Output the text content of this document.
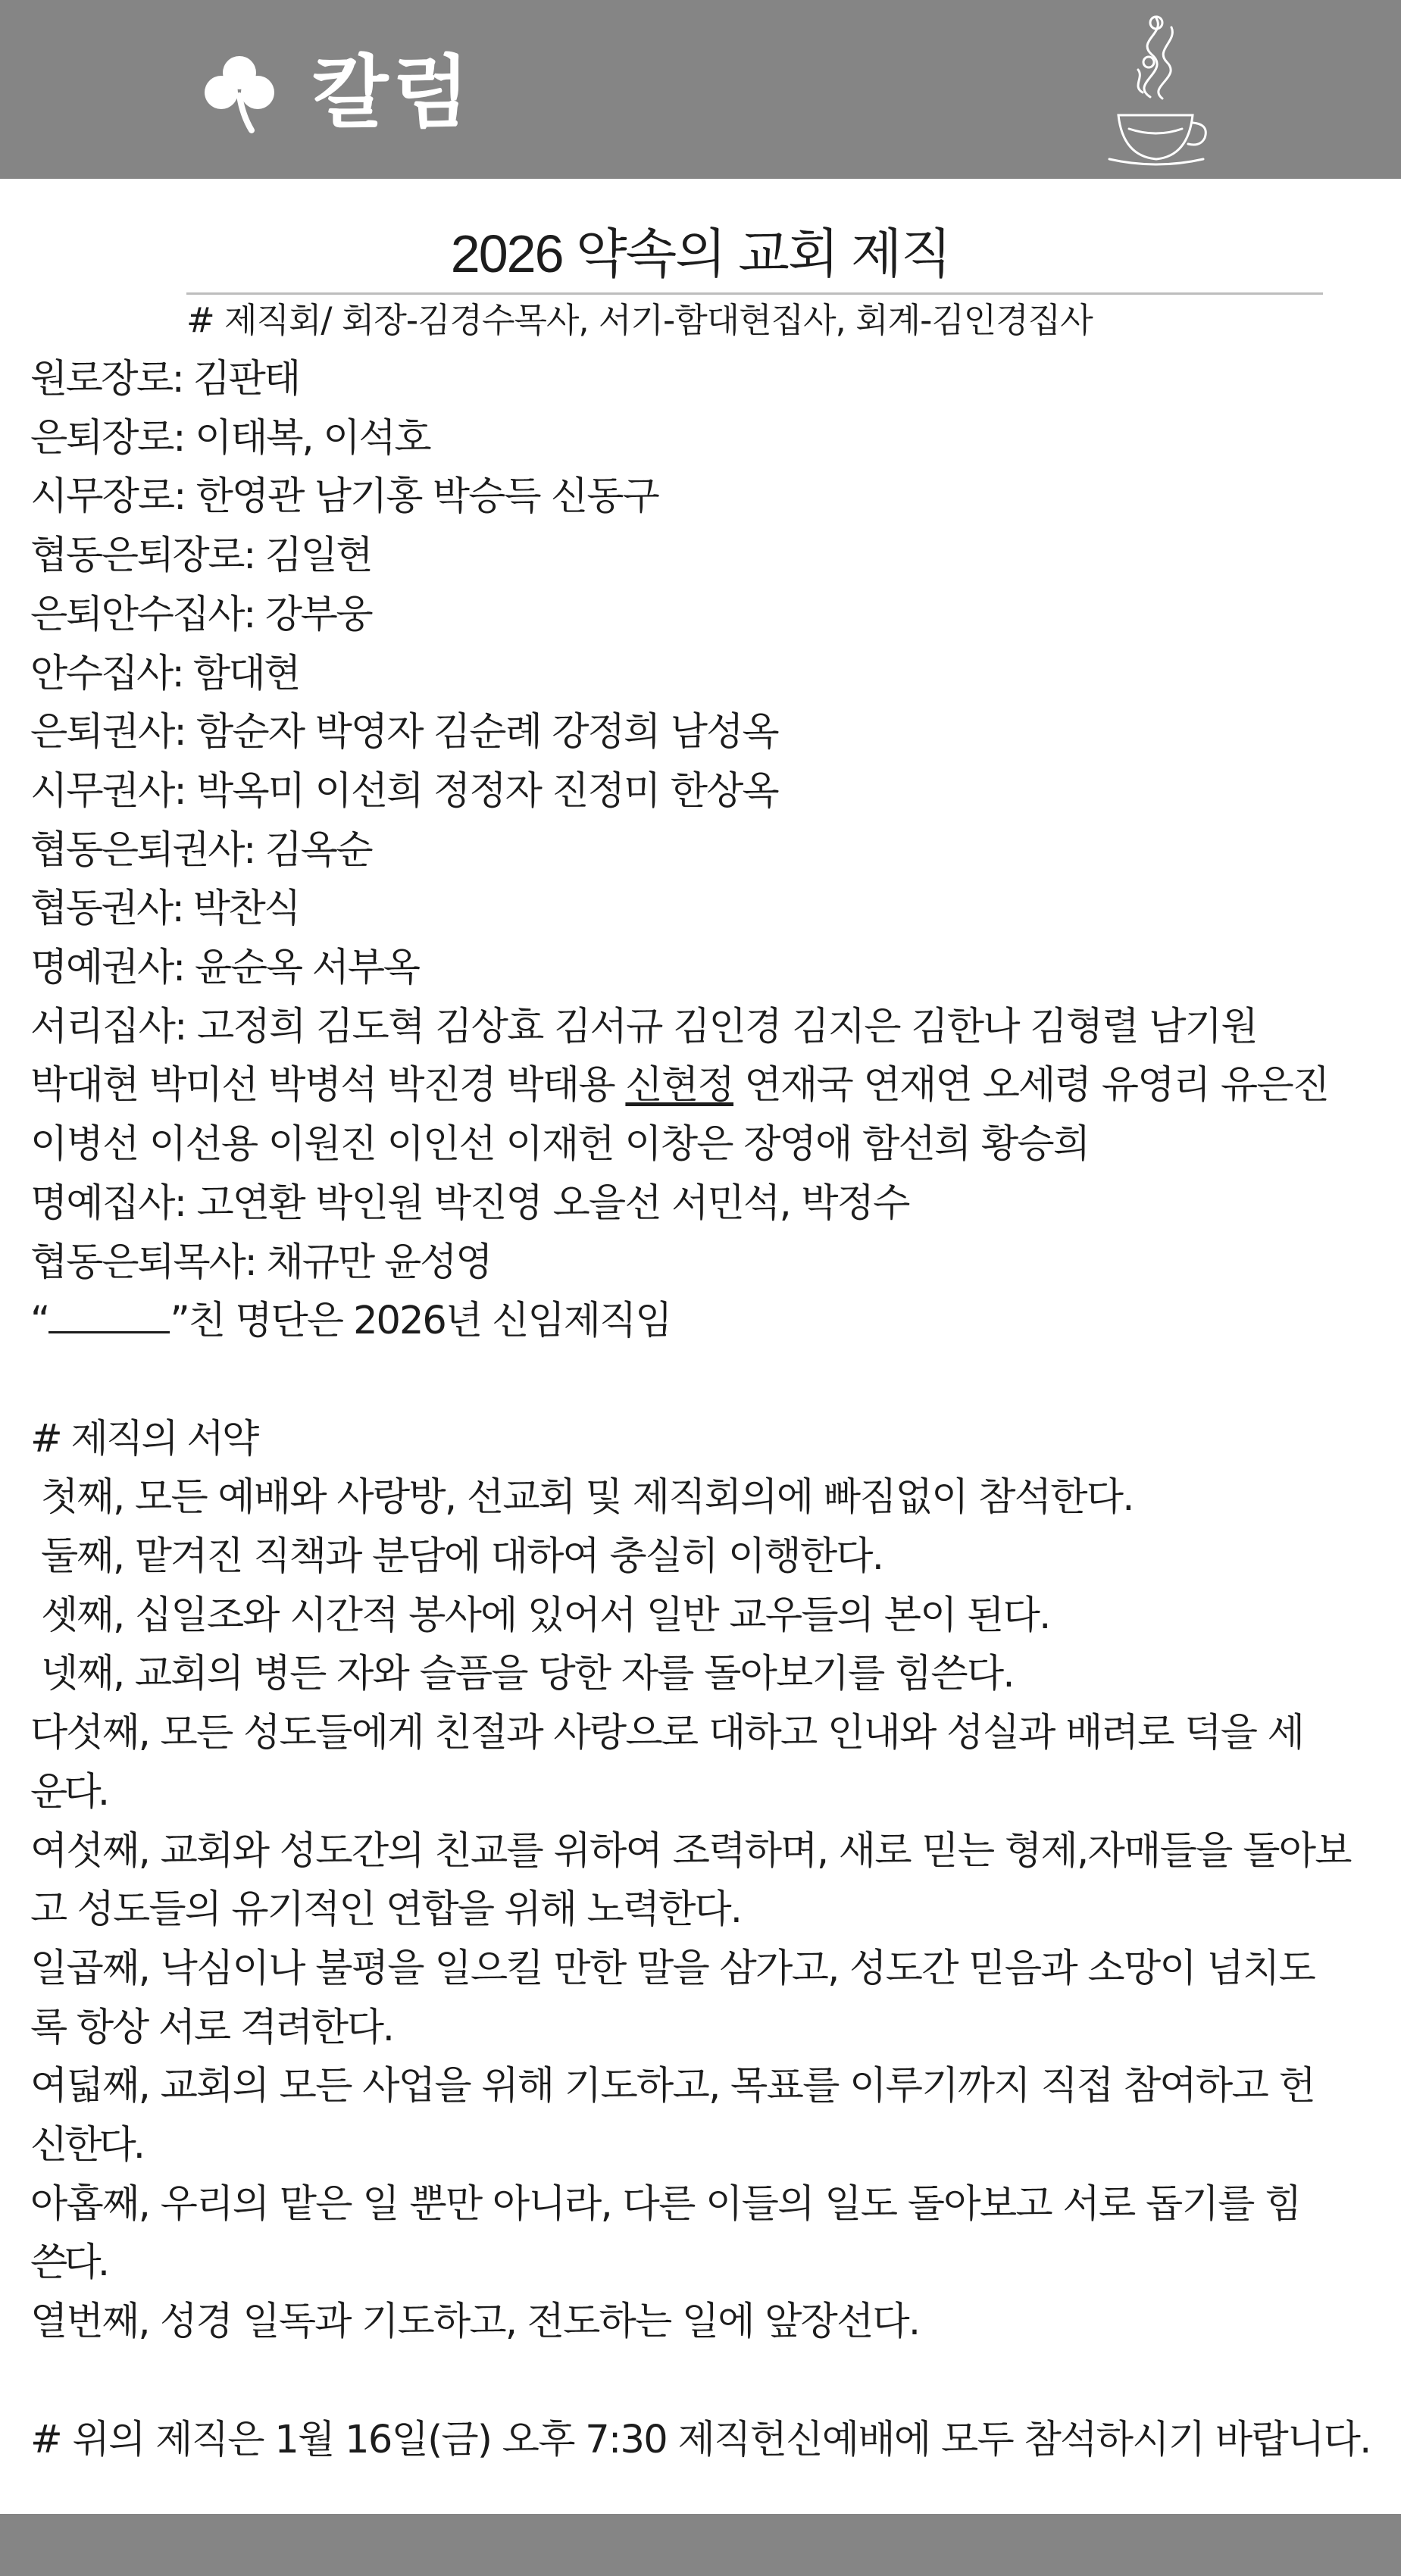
칼럼
2026 약속의 교회 제직
# 제직회/ 회장-김경수목사, 서기-함대현집사, 회계-김인경집사
원로장로: 김판태
은퇴장로: 이태복, 이석호
시무장로: 한영관 남기홍 박승득 신동구
협동은퇴장로: 김일현
은퇴안수집사: 강부웅
안수집사: 함대현
은퇴권사: 함순자 박영자 김순례 강정희 남성옥
시무권사: 박옥미 이선희 정정자 진정미 한상옥
협동은퇴권사: 김옥순
협동권사: 박찬식
명예권사: 윤순옥 서부옥
서리집사: 고정희 김도혁 김상효 김서규 김인경 김지은 김한나 김형렬 남기원
박대현 박미선 박병석 박진경 박태용 신현정 연재국 연재연 오세령 유영리 유은진
이병선 이선용 이원진 이인선 이재헌 이창은 장영애 함선희 황승희
명예집사: 고연환 박인원 박진영 오을선 서민석, 박정수
협동은퇴목사: 채규만 윤성영
“	”친 명단은 2026년 신임제직임
# 제직의 서약
첫째, 모든 예배와 사랑방, 선교회 및 제직회의에 빠짐없이 참석한다.
둘째, 맡겨진 직책과 분담에 대하여 충실히 이행한다.
셋째, 십일조와 시간적 봉사에 있어서 일반 교우들의 본이 된다.
넷째, 교회의 병든 자와 슬픔을 당한 자를 돌아보기를 힘쓴다.
다섯째, 모든 성도들에게 친절과 사랑으로 대하고 인내와 성실과 배려로 덕을 세
운다.
여섯째, 교회와 성도간의 친교를 위하여 조력하며, 새로 믿는 형제,자매들을 돌아보
고 성도들의 유기적인 연합을 위해 노력한다.
일곱째, 낙심이나 불평을 일으킬 만한 말을 삼가고, 성도간 믿음과 소망이 넘치도
록 항상 서로 격려한다.
여덟째, 교회의 모든 사업을 위해 기도하고, 목표를 이루기까지 직접 참여하고 헌
신한다.
아홉째, 우리의 맡은 일 뿐만 아니라, 다른 이들의 일도 돌아보고 서로 돕기를 힘
쓴다.
열번째, 성경 일독과 기도하고, 전도하는 일에 앞장선다.
# 위의 제직은 1월 16일(금) 오후 7:30 제직헌신예배에 모두 참석하시기 바랍니다.
